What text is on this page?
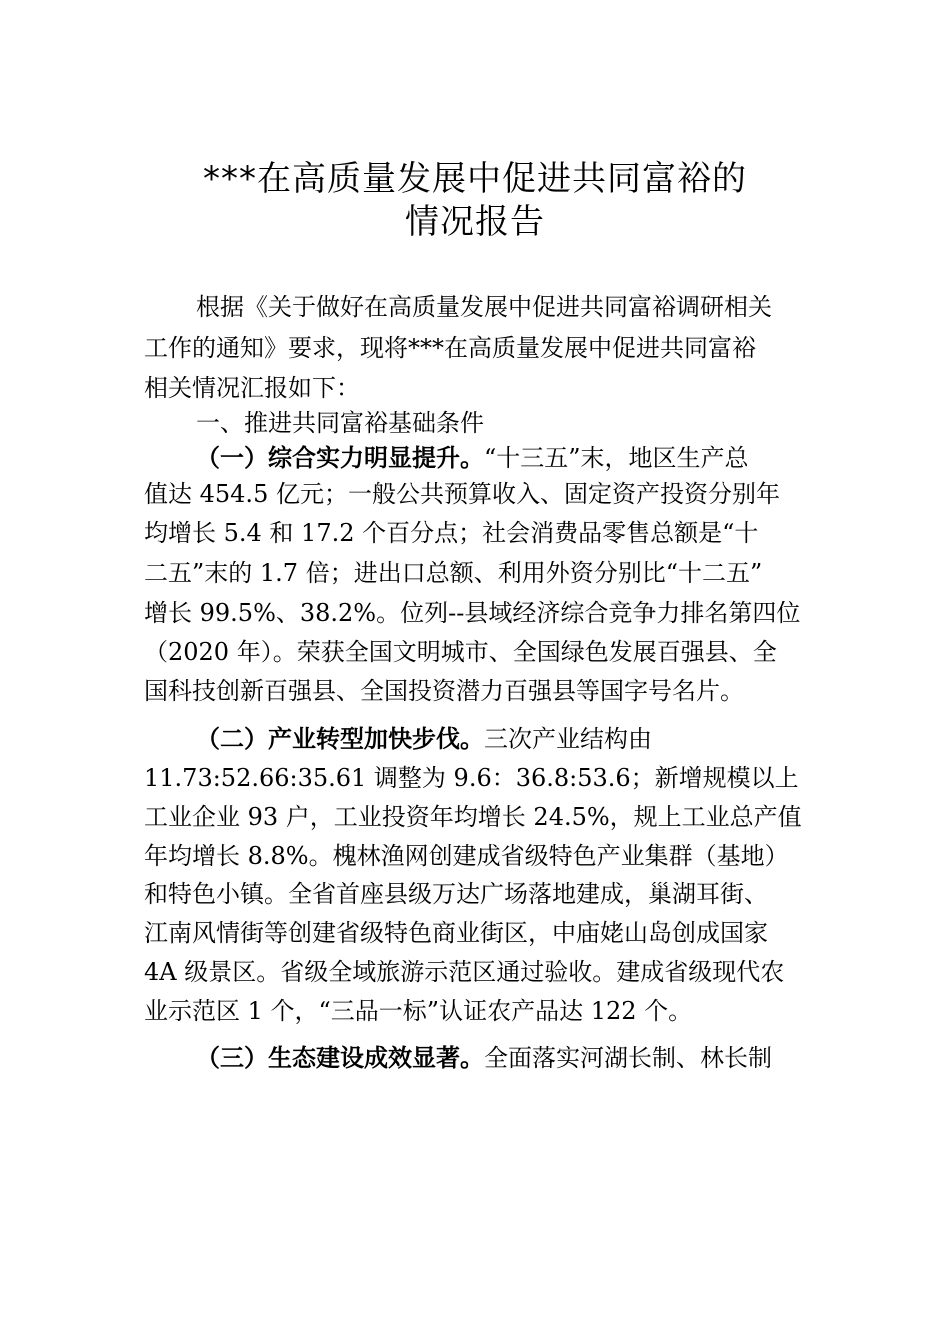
***在高质量发展中促进共同富裕的
情况报告
根据《关于做好在高质量发展中促进共同富裕调研相关
工作的通知》要求，现将***在高质量发展中促进共同富裕
相关情况汇报如下：
一、推进共同富裕基础条件
（一）综合实力明显提升。“十三五”末，地区生产总
值达 454.5 亿元；一般公共预算收入、固定资产投资分别年
均增长 5.4 和 17.2 个百分点；社会消费品零售总额是“十
二五”末的 1.7 倍；进出口总额、利用外资分别比“十二五”
增长 99.5%、38.2%。位列--县域经济综合竞争力排名第四位
（2020 年）。荣获全国文明城市、全国绿色发展百强县、全
国科技创新百强县、全国投资潜力百强县等国字号名片。
（二）产业转型加快步伐。三次产业结构由
11.73:52.66:35.61 调整为 9.6：36.8:53.6；新增规模以上
工业企业 93 户，工业投资年均增长 24.5%，规上工业总产值
年均增长 8.8%。槐林渔网创建成省级特色产业集群（基地）
和特色小镇。全省首座县级万达广场落地建成，巢湖耳街、
江南风情街等创建省级特色商业街区，中庙姥山岛创成国家
4A 级景区。省级全域旅游示范区通过验收。建成省级现代农
业示范区 1 个，“三品一标”认证农产品达 122 个。
（三）生态建设成效显著。全面落实河湖长制、林长制
